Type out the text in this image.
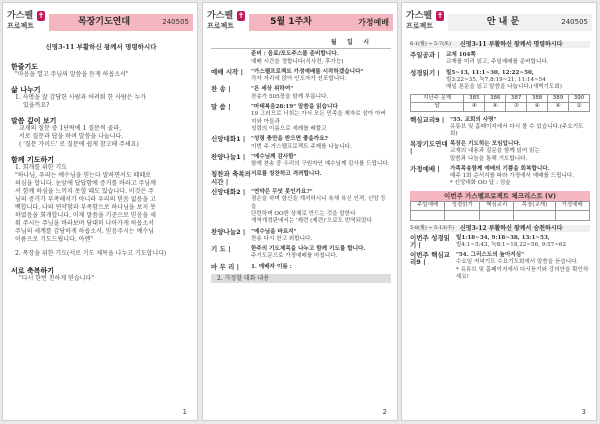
가스펠
프로젝트
✝
목장기도연대	240505
신명3-11 부활하신 왕께서 명령하시다
한줄기도
"마음을 열고 주님의 말씀을 듣게 하옵소서"
삶 나누기
1. 사명을 잘 감당한 사람과 어려워 한 사람은 누가
있을까요?
말씀 깊이 보기
교재의 질문 중 1단락에 1 질문씩 골라,
서로 질문과 답을 하며 말씀을 나눕니다.
( '질문 가이드' 로 질문에 쉽게 참고해 주세요)
함께 기도하기
1. 회개를 위한 기도
"하나님, 우리는 예수님을 믿는다 말하면서도 때때로
의심을 합니다. 눈앞에 답답함에 증거를 바라고 주님께
서 함께 하심을 느끼지 못할 때도 있습니다. 이것은 주
님의 증거가 부족해서가 아니라 우리의 믿음 없음을 고
백합니다. 나의 연약함과 부족함으로 하나님을 보지 못
하였음을 회개합니다. 이제 말씀을 기준으로 믿음을 세
워 주시는 주님을 바라보며 담대히 나아가게 하옵소서
주님의 세계를 감당하게 하옵소서. 믿음주시는 예수님
이름으로 기도드립니다. 아멘"
2. 목장을 위한 기도(서로 기도 제목을 나누고 기도합니다)
서로 축복하기
"다시 한번 천하게 믿습니다"
1
가스펠
프로젝트
✝
5월 1주차	가정예배
월 일 시
준비 : 음료/포도주스를 준비합니다.
예배 시간을 정합니다(식사전, 후가능)
예배 시작 |	"가스펠프로젝트 가정예배를 시작하겠습니다"
각자 자리에 앉아 인도자가 선포합니다.
찬 송 |	"온 세상 위하여"
찬송가 505장을 함께 부릅니다.
말 씀 |	"마태복음28:19" 말씀을 읽습니다
19 그러므로 너희는 가서 모든 민족을 제자로 삼아 아버지와 아들과
성령의 이름으로 세례를 베풀고
신앙대화1 |	"성령 충만을 받으면 좋을까요?
이번 주 가스펠프로젝트 주제를 나눕니다.
찬양나눔1 |	"예수님께 감사함"
함께 찬송 중 우리의 구원자인 예수님께 감사를 드립니다.
칭찬과 축복의 시간 |
서로를 칭찬하고 격려합니다.
신앙대화2 |	"연약은 무엇 못인가요?"
겸손을 하며 함신을 계셔하시니 육체 육신 인격, 신앙 등을
단련하며 OO한 상체로 만드는 것을 말한다
개역개정판에서는 '제련 (제련)'으로도 번역되었다
찬양나눔2 |	"예수님을 바르지"
찬송 다시 찬고 외합니다.
기 도 |	한주의 기도제목을 나누고 함께 기도를 합니다.
주기도문으로 가정예배를 마칩니다.
마 무 리 |	1. 예배자 이름 :
2. 가정할 대화 내용
2
가스펠
프로젝트
✝
안 내 문	240505
6-1(월) ~ 5-7(토)	신명3-11 부활하신 왕께서 명령하시다
주일공과 |	교재 104쪽
교재를 미리 읽고, 주일예배를 준비합니다.
성경읽기 |	빌5~13, 11:1~30, 12:22~50,
빌3:22~35, 눅7,8:19~21, 11:14~54
매일 본문을 읽고 말씀을 나눕니다.(새벽기도회)
지난주 문제	385	386	387	388	389	390
답	④	④	③	④	④	①
핵심교리9 |	"55. 교회의 사명"
유튜브 및 홈페이지에서 다시 볼 수 있습니다.(주요기도회)
목장기도연대 |
목장은 기도하는 모임입니다.
교재의 내용과 질문을 함께 읽어 읽는
말씀과 나눔을 통해 기도합니다.
가정예배 |	가족목송함께 예배의 기쁨을 회복합니다.
매주 1회 순서지를 따라 가정에서 예배를 드립니다.
* 신앙대화 OO 답 : 섬숲
이번주 가스펠프로젝트 체크리스트 (V)
주일예배	성경읽기	핵심교리	목장(교재)	가정예배

5-8(월) ~ 5-13(주) 신명3-12 부활하신 왕께서 승천하시다
이번주 성경읽기 |
빌1:18~34, 9:18~38, 13:1~53,
빌4:1~5:43, 눅8:1~18,22~56, 9:57~62
이번주 핵심교리9 |
"54. 그리스도의 높아지심"
수요일 저녁기도 수요기도회에서 말씀을 듣습니다.
* 유튜브 및 홈페이지에서 다시듣기와 강의안을 확인하세요!
3
